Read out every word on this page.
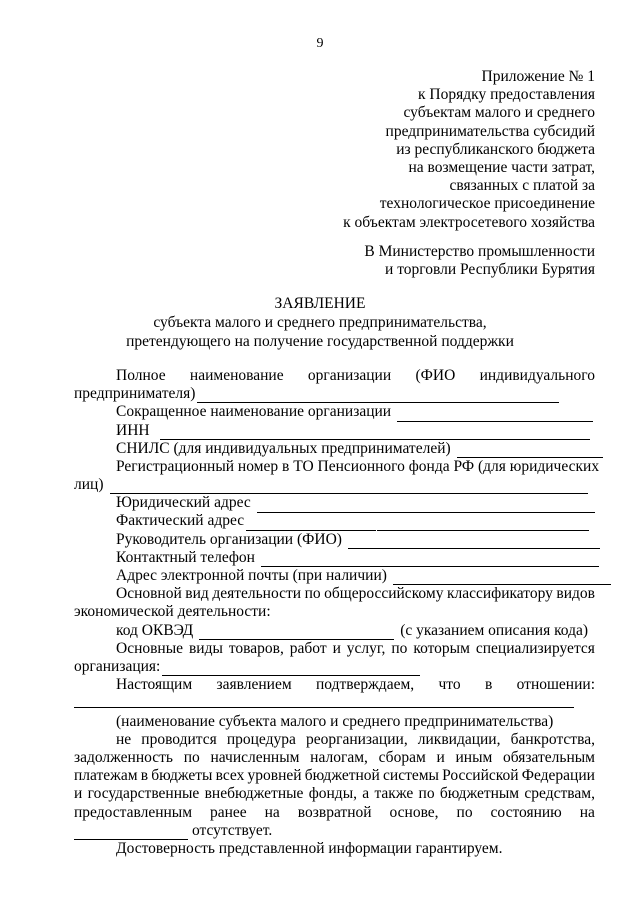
9
Приложение № 1
к Порядку предоставления
субъектам малого и среднего
предпринимательства субсидий
из республиканского бюджета
на возмещение части затрат,
связанных с платой за
технологическое присоединение
к объектам электросетевого хозяйства
В Министерство промышленности
и торговли Республики Бурятия
ЗАЯВЛЕНИЕ
субъекта малого и среднего предпринимательства,
претендующего на получение государственной поддержки
Полное наименование организации (ФИО индивидуального
предпринимателя)
Сокращенное наименование организации
ИНН
СНИЛС (для индивидуальных предпринимателей)
Регистрационный номер в ТО Пенсионного фонда РФ (для юридических
лиц)
Юридический адрес
Фактический адрес
Руководитель организации (ФИО)
Контактный телефон
Адрес электронной почты (при наличии)
Основной вид деятельности по общероссийскому классификатору видов
экономической деятельности:
код ОКВЭД	(с указанием описания кода)
Основные виды товаров, работ и услуг, по которым специализируется
организация:
Настоящим заявлением подтверждаем, что в отношении:
(наименование субъекта малого и среднего предпринимательства)
не проводится процедура реорганизации, ликвидации, банкротства,
задолженность по начисленным налогам, сборам и иным обязательным
платежам в бюджеты всех уровней бюджетной системы Российской Федерации
и государственные внебюджетные фонды, а также по бюджетным средствам,
предоставленным ранее на возвратной основе, по состоянию на
отсутствует.
Достоверность представленной информации гарантируем.
